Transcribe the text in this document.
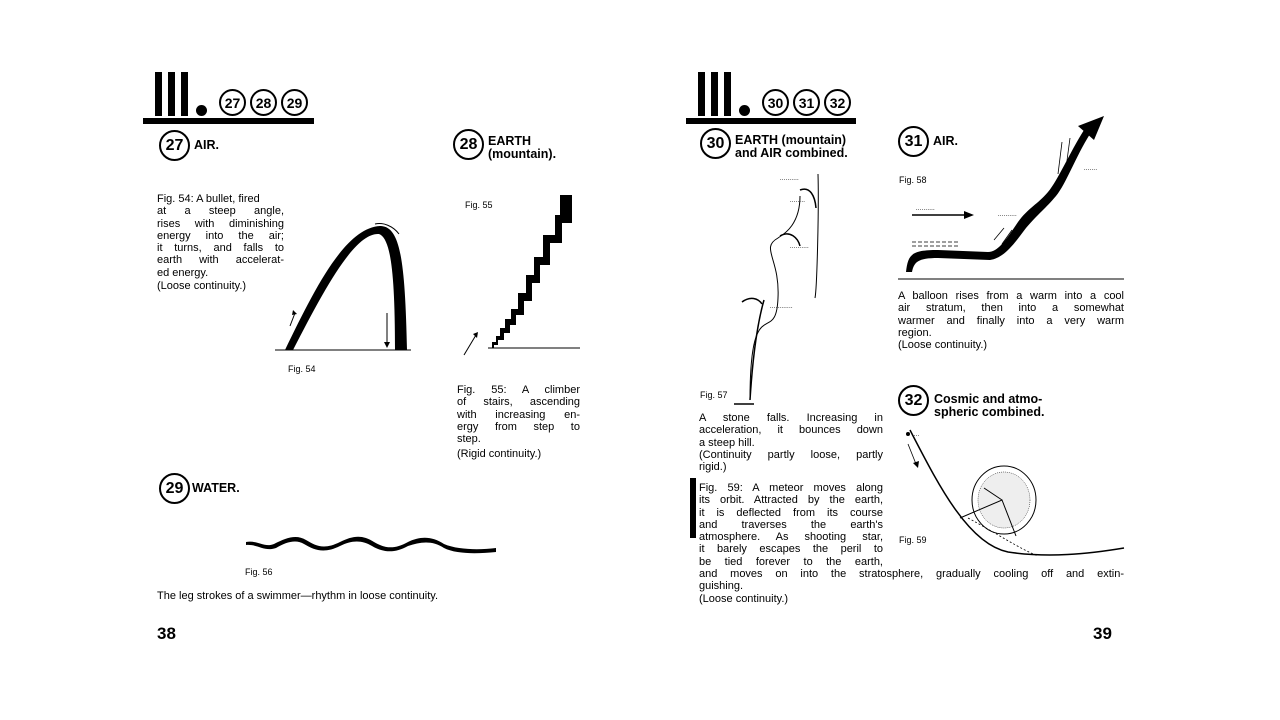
27	28	29
27 AIR.
Fig. 54: A bullet, fired
at a steep angle,
rises with diminishing
energy into the air;
it turns, and falls to
earth with accelerat-
ed energy.
(Loose continuity.)
Fig. 54
28 EARTH
(mountain).
Fig. 55
Fig. 55: A climber
of stairs, ascending
with increasing en-
ergy from step to
step.
(Rigid continuity.)
29 WATER.
Fig. 56
The leg strokes of a swimmer—rhythm in loose continuity.
38
30	31	32
30 EARTH (mountain)
and AIR combined.
..........
........
..........
............
Fig. 57
A stone falls. Increasing in
acceleration, it bounces down
a steep hill.
(Continuity partly loose, partly
rigid.)
31 AIR.
Fig. 58
..........
..........
.......
A balloon rises from a warm into a cool
air stratum, then into a somewhat
warmer and finally into a very warm
region.
(Loose continuity.)
32 Cosmic and atmo-
spheric combined.
....
Fig. 59
Fig. 59: A meteor moves along
its orbit. Attracted by the earth,
it is deflected from its course
and traverses the earth's
atmosphere. As shooting star,
it barely escapes the peril to
be tied forever to the earth,
and moves on into the stratosphere, gradually cooling off and extin-
guishing.
(Loose continuity.)
39
